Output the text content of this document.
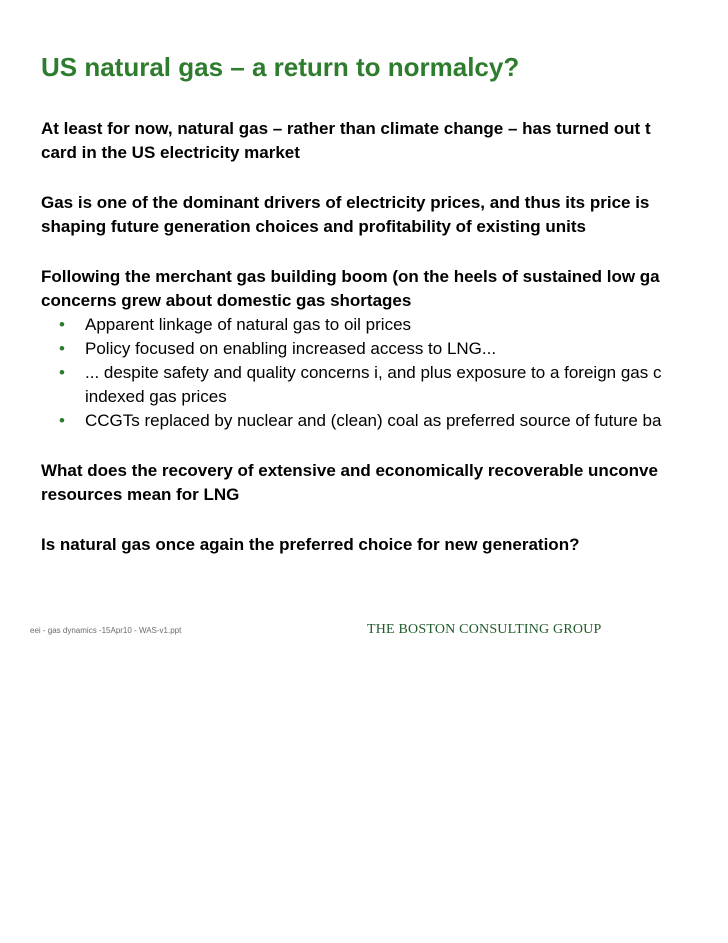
US natural gas – a return to normalcy?

At least for now, natural gas – rather than climate change – has turned out t
card in the US electricity market

Gas is one of the dominant drivers of electricity prices, and thus its price is
shaping future generation choices and profitability of existing units

Following the merchant gas building boom (on the heels of sustained low ga
concerns grew about domestic gas shortages

• Apparent linkage of natural gas to oil prices
• Policy focused on enabling increased access to LNG...
• ... despite safety and quality concerns i, and plus exposure to a foreign gas c
indexed gas prices
• CCGTs replaced by nuclear and (clean) coal as preferred source of future ba

What does the recovery of extensive and economically recoverable unconve
resources mean for LNG

Is natural gas once again the preferred choice for new generation?

eei - gas dynamics -15Apr10 - WAS-v1.ppt	THE BOSTON CONSULTING GROUP
